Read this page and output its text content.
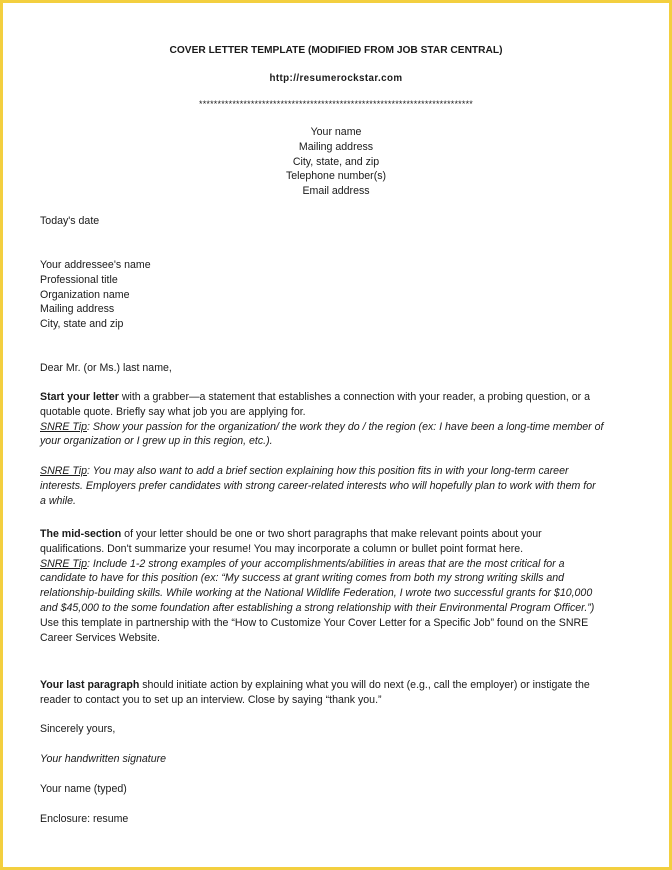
COVER LETTER TEMPLATE (MODIFIED FROM JOB STAR CENTRAL)
http://resumerockstar.com
**************************************************************************
Your name
Mailing address
City, state, and zip
Telephone number(s)
Email address
Today's date
Your addressee's name
Professional title
Organization name
Mailing address
City, state and zip
Dear Mr. (or Ms.) last name,
Start your letter with a grabber—a statement that establishes a connection with your reader, a probing question, or a
quotable quote. Briefly say what job you are applying for.
SNRE Tip: Show your passion for the organization/ the work they do / the region (ex: I have been a long-time member of
your organization or I grew up in this region, etc.).
SNRE Tip: You may also want to add a brief section explaining how this position fits in with your long-term career
interests. Employers prefer candidates with strong career-related interests who will hopefully plan to work with them for
a while.
The mid-section of your letter should be one or two short paragraphs that make relevant points about your
qualifications. Don't summarize your resume! You may incorporate a column or bullet point format here.
SNRE Tip: Include 1-2 strong examples of your accomplishments/abilities in areas that are the most critical for a
candidate to have for this position (ex: “My success at grant writing comes from both my strong writing skills and
relationship-building skills. While working at the National Wildlife Federation, I wrote two successful grants for $10,000
and $45,000 to the some foundation after establishing a strong relationship with their Environmental Program Officer.”)
Use this template in partnership with the “How to Customize Your Cover Letter for a Specific Job” found on the SNRE
Career Services Website.
Your last paragraph should initiate action by explaining what you will do next (e.g., call the employer) or instigate the
reader to contact you to set up an interview. Close by saying “thank you.”
Sincerely yours,
Your handwritten signature
Your name (typed)
Enclosure: resume
